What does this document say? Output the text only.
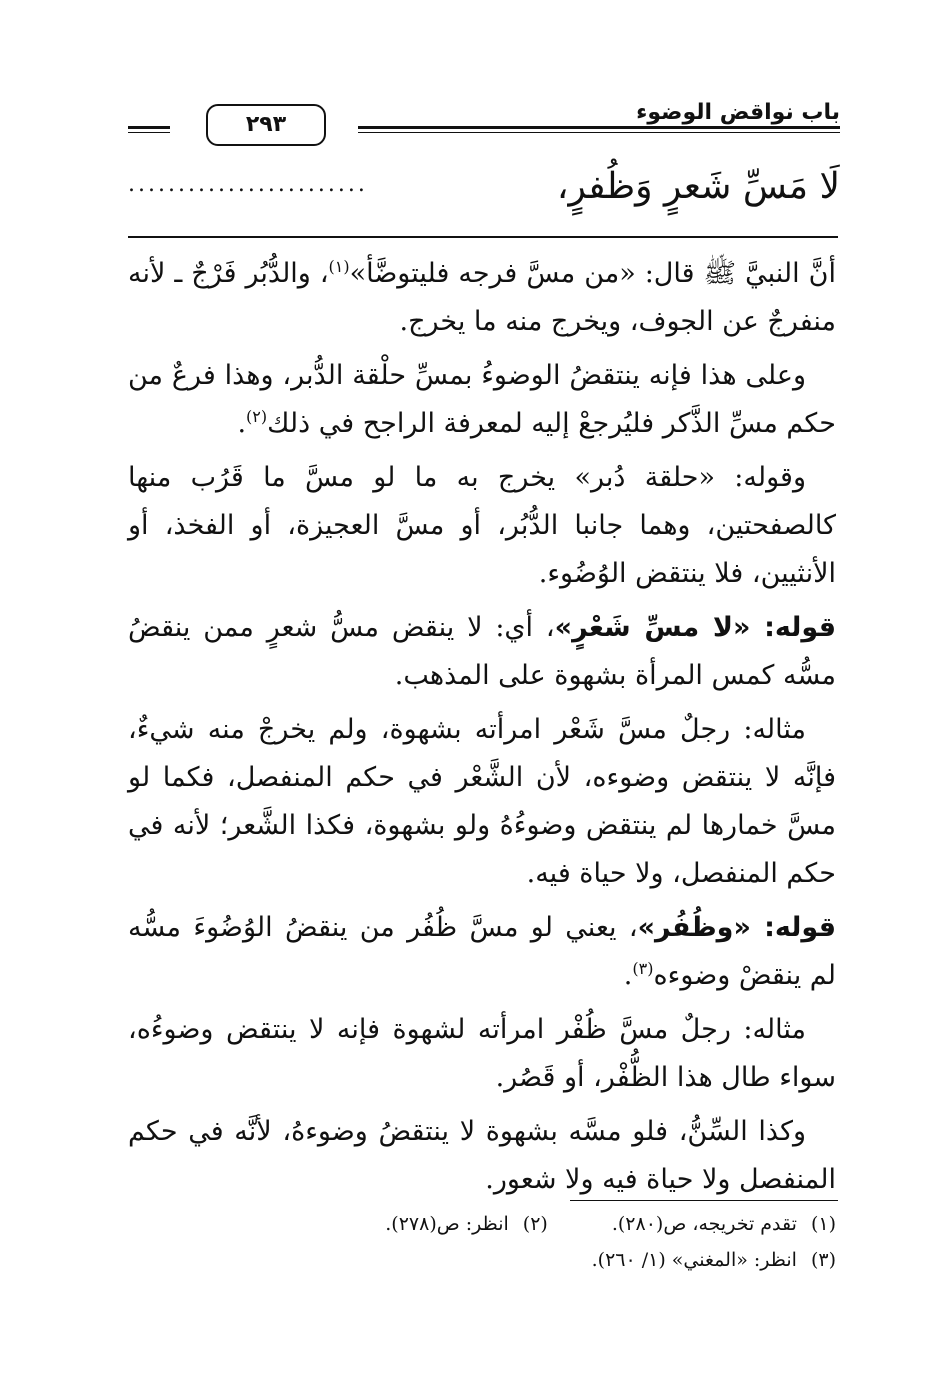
باب نواقض الوضوء
٢٩٣
لَا مَسِّ شَعرٍ وَظُفرٍ،
........................

أنَّ النبيَّ ﷺ قال: «من مسَّ فرجه فليتوضَّأ»$^{(١)}$، والدُّبُر فَرْجٌ ـ لأنه منفرجٌ عن الجوف، ويخرج منه ما يخرج.

وعلى هذا فإنه ينتقضُ الوضوءُ بمسِّ حلْقة الدُّبر، وهذا فرعٌ من حكم مسِّ الذَّكر فليُرجعْ إليه لمعرفة الراجح في ذلك$^{(٢)}$.

وقوله: «حلقة دُبر» يخرج به ما لو مسَّ ما قَرُب منها كالصفحتين، وهما جانبا الدُّبُر، أو مسَّ العجيزة، أو الفخذ، أو الأنثيين، فلا ينتقض الوُضُوء.

قوله: «لا مسِّ شَعْرٍ»، أي: لا ينقض مسُّ شعرٍ ممن ينقضُ مسُّه كمس المرأة بشهوة على المذهب.

مثاله: رجلٌ مسَّ شَعْر امرأته بشهوة، ولم يخرجْ منه شيءٌ، فإنَّه لا ينتقض وضوءه، لأن الشَّعْر في حكم المنفصل، فكما لو مسَّ خمارها لم ينتقض وضوءُهُ ولو بشهوة، فكذا الشَّعر؛ لأنه في حكم المنفصل، ولا حياة فيه.

قوله: «وظُفُر»، يعني لو مسَّ ظُفُر من ينقضُ الوُضُوءَ مسُّه لم ينقضْ وضوءه$^{(٣)}$.

مثاله: رجلٌ مسَّ ظُفْر امرأته لشهوة فإنه لا ينتقض وضوءُه، سواء طال هذا الظُّفْر، أو قَصُر.

وكذا السِّنُّ، فلو مسَّه بشهوة لا ينتقضُ وضوءهُ، لأنَّه في حكم المنفصل ولا حياة فيه ولا شعور.

(١)تقدم تخريجه، ص(٢٨٠).
(٢)انظر: ص(٢٧٨).
(٣)انظر: «المغني» (١/ ٢٦٠).
